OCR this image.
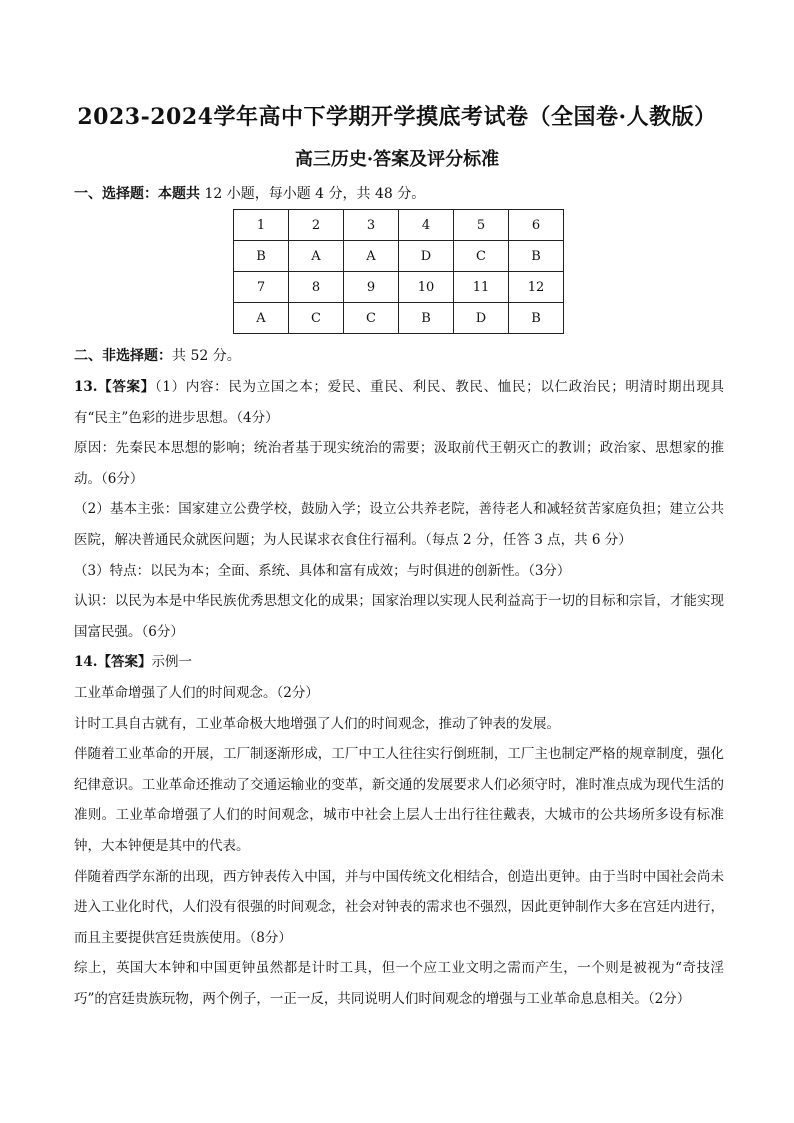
2023-2024学年高中下学期开学摸底考试卷（全国卷·人教版）
高三历史·答案及评分标准
一、选择题：本题共 12 小题，每小题 4 分，共 48 分。
1	2	3	4	5	6
B	A	A	D	C	B
7	8	9	10	11	12
A	C	C	B	D	B
二、非选择题：共 52 分。

13.【答案】（1）内容：民为立国之本；爱民、重民、利民、教民、恤民；以仁政治民；明清时期出现具有“民主”色彩的进步思想。（4分）

原因：先秦民本思想的影响；统治者基于现实统治的需要；汲取前代王朝灭亡的教训；政治家、思想家的推动。（6分）

（2）基本主张：国家建立公费学校，鼓励入学；设立公共养老院，善待老人和减轻贫苦家庭负担；建立公共医院，解决普通民众就医问题；为人民谋求衣食住行福利。（每点 2 分，任答 3 点，共 6 分）

（3）特点：以民为本；全面、系统、具体和富有成效；与时俱进的创新性。（3分）

认识：以民为本是中华民族优秀思想文化的成果；国家治理以实现人民利益高于一切的目标和宗旨，才能实现国富民强。（6分）

14.【答案】示例一

工业革命增强了人们的时间观念。（2分）

计时工具自古就有，工业革命极大地增强了人们的时间观念，推动了钟表的发展。

伴随着工业革命的开展，工厂制逐渐形成，工厂中工人往往实行倒班制，工厂主也制定严格的规章制度，强化纪律意识。工业革命还推动了交通运输业的变革，新交通的发展要求人们必须守时，准时准点成为现代生活的准则。工业革命增强了人们的时间观念，城市中社会上层人士出行往往戴表，大城市的公共场所多设有标准钟，大本钟便是其中的代表。

伴随着西学东渐的出现，西方钟表传入中国，并与中国传统文化相结合，创造出更钟。由于当时中国社会尚未进入工业化时代，人们没有很强的时间观念，社会对钟表的需求也不强烈，因此更钟制作大多在宫廷内进行，而且主要提供宫廷贵族使用。（8分）

综上，英国大本钟和中国更钟虽然都是计时工具，但一个应工业文明之需而产生，一个则是被视为“奇技淫巧”的宫廷贵族玩物，两个例子，一正一反，共同说明人们时间观念的增强与工业革命息息相关。（2分）
